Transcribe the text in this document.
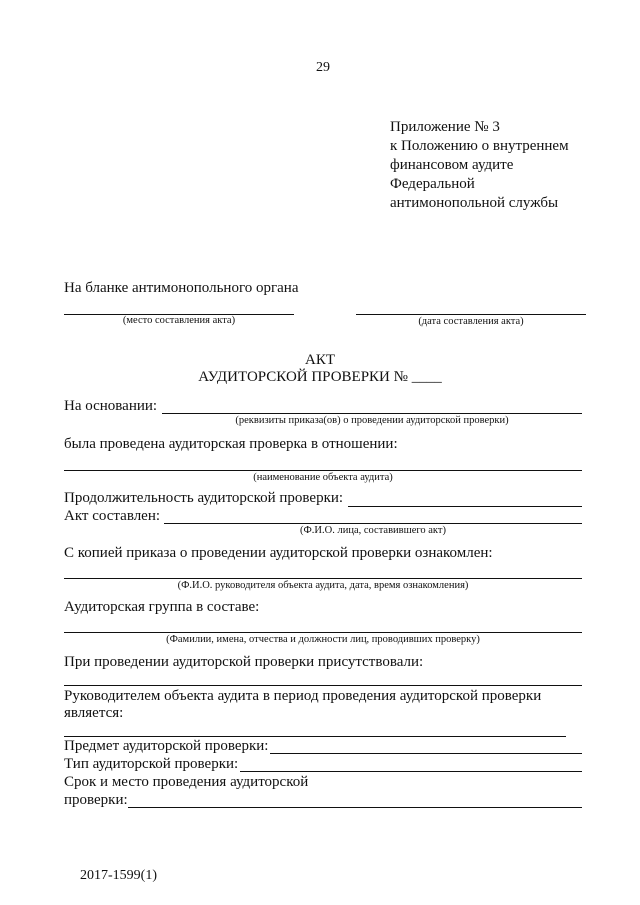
29
Приложение № 3
к Положению о внутреннем
финансовом аудите
Федеральной
антимонопольной службы
На бланке антимонопольного органа
(место составления акта)	(дата составления акта)
АКТ
АУДИТОРСКОЙ ПРОВЕРКИ № ____
На основании:
(реквизиты приказа(ов) о проведении аудиторской проверки)
была проведена аудиторская проверка в отношении:
(наименование объекта аудита)
Продолжительность аудиторской проверки:
Акт составлен:
(Ф.И.О. лица, составившего акт)
С копией приказа о проведении аудиторской проверки ознакомлен:
(Ф.И.О. руководителя объекта аудита, дата, время ознакомления)
Аудиторская группа в составе:
(Фамилии, имена, отчества и должности лиц, проводивших проверку)
При проведении аудиторской проверки присутствовали:
Руководителем объекта аудита в период проведения аудиторской проверки
является:
Предмет аудиторской проверки:
Тип аудиторской проверки:
Срок и место проведения аудиторской
проверки:
2017-1599(1)
